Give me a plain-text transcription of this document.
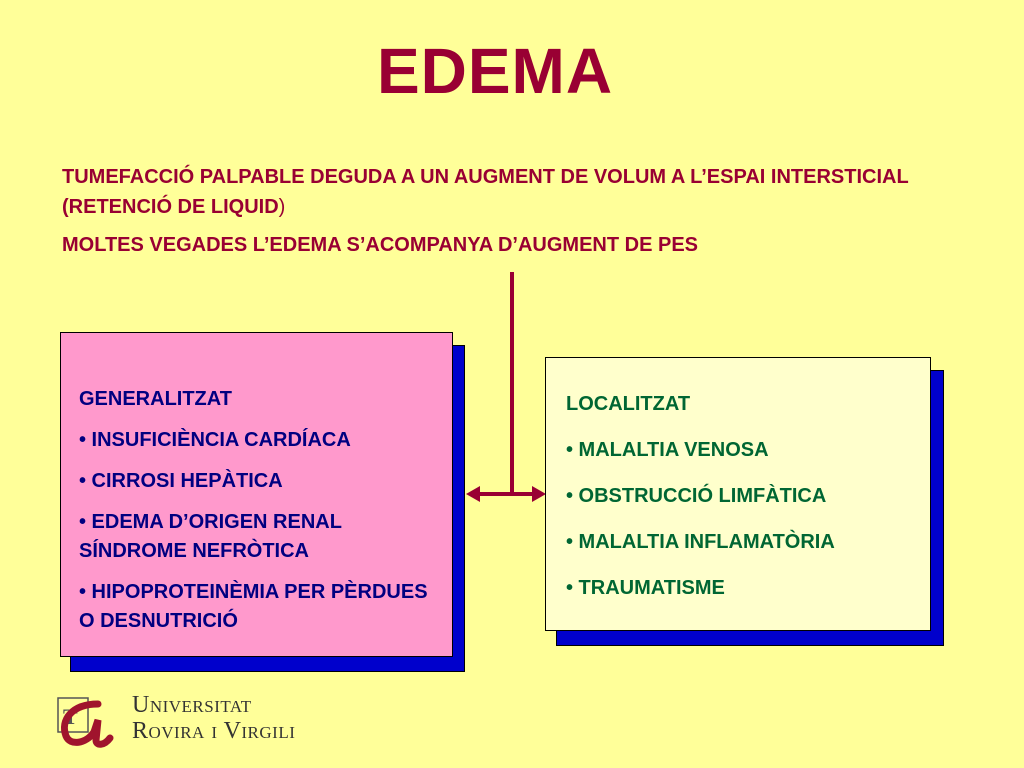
EDEMA

TUMEFACCIÓ PALPABLE DEGUDA A UN AUGMENT DE VOLUM A L’ESPAI INTERSTICIAL (RETENCIÓ DE LIQUID)

MOLTES VEGADES L’EDEMA S’ACOMPANYA D’AUGMENT DE PES

GENERALITZAT

• INSUFICIÈNCIA CARDÍACA

• CIRROSI HEPÀTICA

• EDEMA D’ORIGEN RENAL SÍNDROME NEFRÒTICA

• HIPOPROTEINÈMIA PER PÈRDUES O DESNUTRICIÓ

LOCALITZAT

• MALALTIA VENOSA

• OBSTRUCCIÓ LIMFÀTICA

• MALALTIA INFLAMATÒRIA

• TRAUMATISME

T Universitat
Rovira i Virgili
